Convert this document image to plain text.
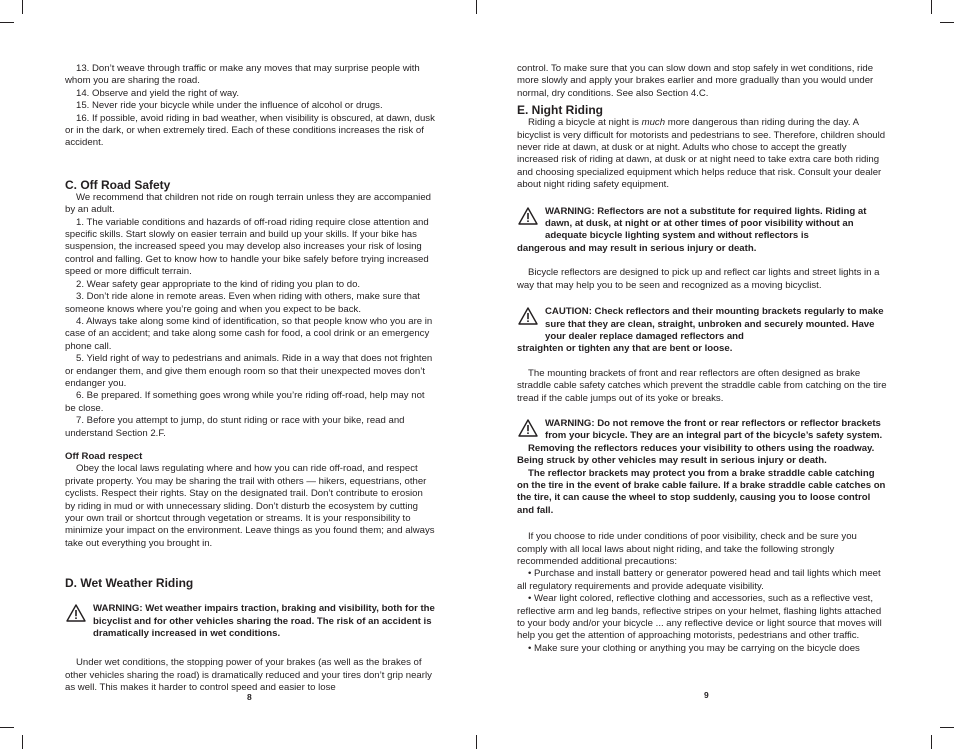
13. Don’t weave through traffic or make any moves that may surprise people with whom you are sharing the road.

14. Observe and yield the right of way.

15. Never ride your bicycle while under the influence of alcohol or drugs.

16. If possible, avoid riding in bad weather, when visibility is obscured, at dawn, dusk or in the dark, or when extremely tired. Each of these conditions increases the risk of accident.

C. Off Road Safety

We recommend that children not ride on rough terrain unless they are accompanied by an adult.

1. The variable conditions and hazards of off-road riding require close attention and specific skills. Start slowly on easier terrain and build up your skills. If your bike has suspension, the increased speed you may develop also increases your risk of losing control and falling. Get to know how to handle your bike safely before trying increased speed or more difficult terrain.

2. Wear safety gear appropriate to the kind of riding you plan to do.

3. Don’t ride alone in remote areas. Even when riding with others, make sure that someone knows where you’re going and when you expect to be back.

4. Always take along some kind of identification, so that people know who you are in case of an accident; and take along some cash for food, a cool drink or an emergency phone call.

5. Yield right of way to pedestrians and animals. Ride in a way that does not frighten or endanger them, and give them enough room so that their unexpected moves don’t endanger you.

6. Be prepared. If something goes wrong while you’re riding off-road, help may not be close.

7. Before you attempt to jump, do stunt riding or race with your bike, read and understand Section 2.F.

Off Road respect

Obey the local laws regulating where and how you can ride off-road, and respect private property. You may be sharing the trail with others — hikers, equestrians, other cyclists. Respect their rights. Stay on the designated trail. Don’t contribute to erosion by riding in mud or with unnecessary sliding. Don’t disturb the ecosystem by cutting your own trail or shortcut through vegetation or streams. It is your responsibility to minimize your impact on the environment. Leave things as you found them; and always take out everything you brought in.

D. Wet Weather Riding
WARNING: Wet weather impairs traction, braking and visibility, both for the bicyclist and for other vehicles sharing the road. The risk of an accident is dramatically increased in wet conditions.

Under wet conditions, the stopping power of your brakes (as well as the brakes of other vehicles sharing the road) is dramatically reduced and your tires don’t grip nearly as well. This makes it harder to control speed and easier to lose

8

control. To make sure that you can slow down and stop safely in wet conditions, ride more slowly and apply your brakes earlier and more gradually than you would under normal, dry conditions. See also Section 4.C.

E. Night Riding

Riding a bicycle at night is much more dangerous than riding during the day. A bicyclist is very difficult for motorists and pedestrians to see. Therefore, children should never ride at dawn, at dusk or at night. Adults who chose to accept the greatly increased risk of riding at dawn, at dusk or at night need to take extra care both riding and choosing specialized equipment which helps reduce that risk. Consult your dealer about night riding safety equipment.

WARNING: Reflectors are not a substitute for required lights. Riding at dawn, at dusk, at night or at other times of poor visibility without an adequate bicycle lighting system and without reflectors is

dangerous and may result in serious injury or death.

Bicycle reflectors are designed to pick up and reflect car lights and street lights in a way that may help you to be seen and recognized as a moving bicyclist.

CAUTION: Check reflectors and their mounting brackets regularly to make sure that they are clean, straight, unbroken and securely mounted. Have your dealer replace damaged reflectors and

straighten or tighten any that are bent or loose.

The mounting brackets of front and rear reflectors are often designed as brake straddle cable safety catches which prevent the straddle cable from catching on the tire tread if the cable jumps out of its yoke or breaks.

WARNING: Do not remove the front or rear reflectors or reflector brackets from your bicycle. They are an integral part of the bicycle’s safety system.

Removing the reflectors reduces your visibility to others using the roadway. Being struck by other vehicles may result in serious injury or death.

The reflector brackets may protect you from a brake straddle cable catching on the tire in the event of brake cable failure. If a brake straddle cable catches on the tire, it can cause the wheel to stop suddenly, causing you to loose control and fall.

If you choose to ride under conditions of poor visibility, check and be sure you comply with all local laws about night riding, and take the following strongly recommended additional precautions:

• Purchase and install battery or generator powered head and tail lights which meet all regulatory requirements and provide adequate visibility.

• Wear light colored, reflective clothing and accessories, such as a reflective vest, reflective arm and leg bands, reflective stripes on your helmet, flashing lights attached to your body and/or your bicycle ... any reflective device or light source that moves will help you get the attention of approaching motorists, pedestrians and other traffic.

• Make sure your clothing or anything you may be carrying on the bicycle does

9
